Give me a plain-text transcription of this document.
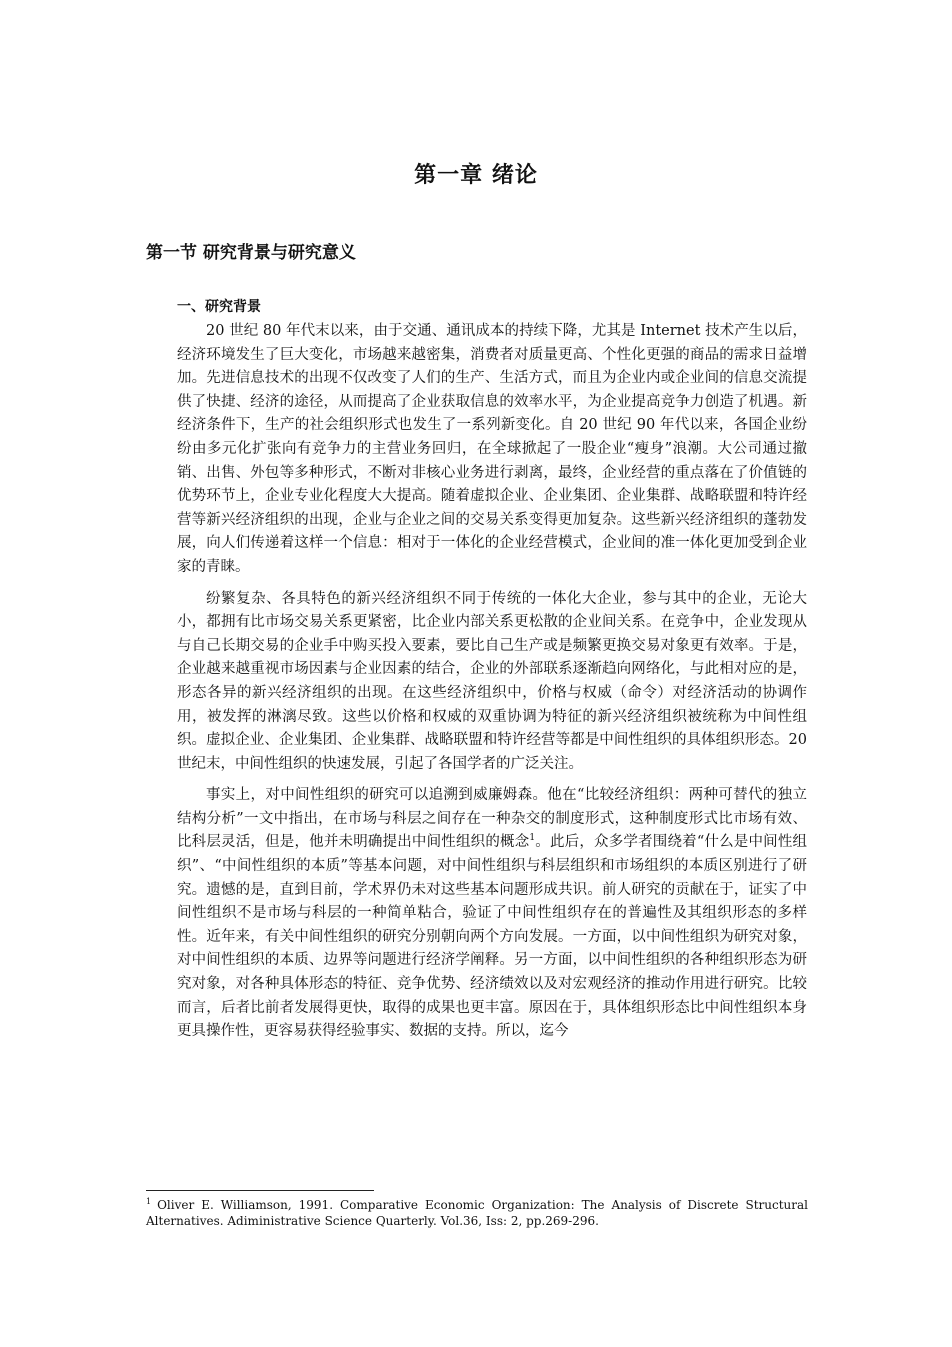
第一章 绪论
第一节 研究背景与研究意义
一、研究背景

20 世纪 80 年代末以来，由于交通、通讯成本的持续下降，尤其是 Internet 技术产生以后，经济环境发生了巨大变化，市场越来越密集，消费者对质量更高、个性化更强的商品的需求日益增加。先进信息技术的出现不仅改变了人们的生产、生活方式，而且为企业内或企业间的信息交流提供了快捷、经济的途径，从而提高了企业获取信息的效率水平，为企业提高竞争力创造了机遇。新经济条件下，生产的社会组织形式也发生了一系列新变化。自 20 世纪 90 年代以来，各国企业纷纷由多元化扩张向有竞争力的主营业务回归，在全球掀起了一股企业“瘦身”浪潮。大公司通过撤销、出售、外包等多种形式，不断对非核心业务进行剥离，最终，企业经营的重点落在了价值链的优势环节上，企业专业化程度大大提高。随着虚拟企业、企业集团、企业集群、战略联盟和特许经营等新兴经济组织的出现，企业与企业之间的交易关系变得更加复杂。这些新兴经济组织的蓬勃发展，向人们传递着这样一个信息：相对于一体化的企业经营模式，企业间的准一体化更加受到企业家的青睐。

纷繁复杂、各具特色的新兴经济组织不同于传统的一体化大企业，参与其中的企业，无论大小，都拥有比市场交易关系更紧密，比企业内部关系更松散的企业间关系。在竞争中，企业发现从与自己长期交易的企业手中购买投入要素，要比自己生产或是频繁更换交易对象更有效率。于是，企业越来越重视市场因素与企业因素的结合，企业的外部联系逐渐趋向网络化，与此相对应的是，形态各异的新兴经济组织的出现。在这些经济组织中，价格与权威（命令）对经济活动的协调作用，被发挥的淋漓尽致。这些以价格和权威的双重协调为特征的新兴经济组织被统称为中间性组织。虚拟企业、企业集团、企业集群、战略联盟和特许经营等都是中间性组织的具体组织形态。20 世纪末，中间性组织的快速发展，引起了各国学者的广泛关注。

事实上，对中间性组织的研究可以追溯到威廉姆森。他在“比较经济组织：两种可替代的独立结构分析”一文中指出，在市场与科层之间存在一种杂交的制度形式，这种制度形式比市场有效、比科层灵活，但是，他并未明确提出中间性组织的概念$^1$。此后，众多学者围绕着“什么是中间性组织”、“中间性组织的本质”等基本问题，对中间性组织与科层组织和市场组织的本质区别进行了研究。遗憾的是，直到目前，学术界仍未对这些基本问题形成共识。前人研究的贡献在于，证实了中间性组织不是市场与科层的一种简单粘合，验证了中间性组织存在的普遍性及其组织形态的多样性。近年来，有关中间性组织的研究分别朝向两个方向发展。一方面，以中间性组织为研究对象，对中间性组织的本质、边界等问题进行经济学阐释。另一方面，以中间性组织的各种组织形态为研究对象，对各种具体形态的特征、竞争优势、经济绩效以及对宏观经济的推动作用进行研究。比较而言，后者比前者发展得更快，取得的成果也更丰富。原因在于，具体组织形态比中间性组织本身更具操作性，更容易获得经验事实、数据的支持。所以，迄今

$^1$ Oliver E. Williamson, 1991. Comparative Economic Organization: The Analysis of Discrete Structural Alternatives. Adiministrative Science Quarterly. Vol.36, Iss: 2, pp.269-296.
